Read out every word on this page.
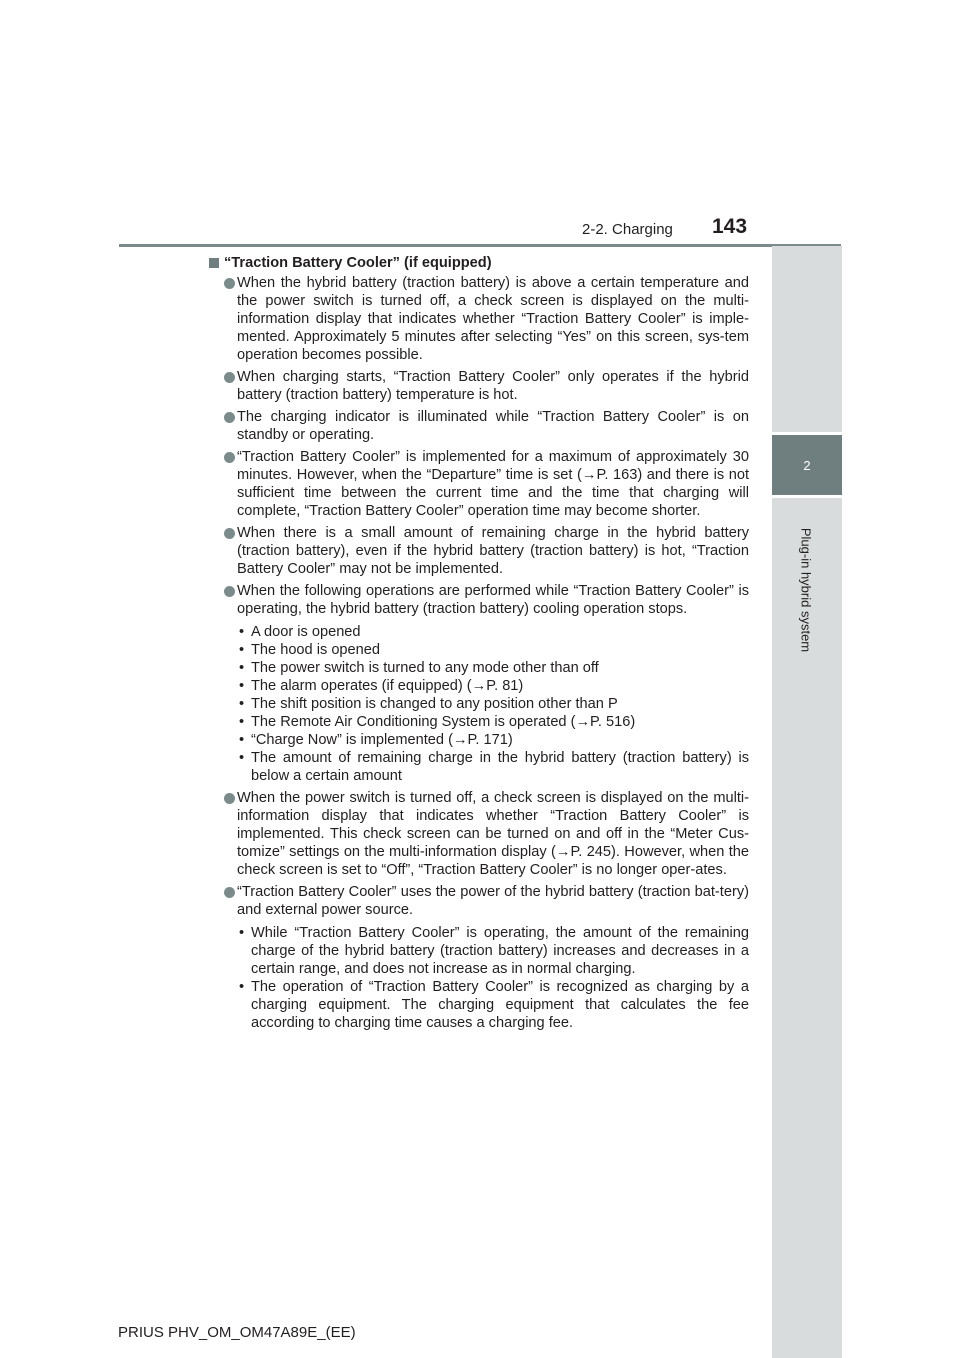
2-2. Charging 143
2
Plug-in hybrid system
“Traction Battery Cooler” (if equipped)
When the hybrid battery (traction battery) is above a certain temperature and the power switch is turned off, a check screen is displayed on the multi-information display that indicates whether “Traction Battery Cooler” is imple-mented. Approximately 5 minutes after selecting “Yes” on this screen, sys-tem operation becomes possible.
When charging starts, “Traction Battery Cooler” only operates if the hybrid battery (traction battery) temperature is hot.
The charging indicator is illuminated while “Traction Battery Cooler” is on standby or operating.
“Traction Battery Cooler” is implemented for a maximum of approximately 30 minutes. However, when the “Departure” time is set (→P. 163) and there is not sufficient time between the current time and the time that charging will complete, “Traction Battery Cooler” operation time may become shorter.
When there is a small amount of remaining charge in the hybrid battery (traction battery), even if the hybrid battery (traction battery) is hot, “Traction Battery Cooler” may not be implemented.
When the following operations are performed while “Traction Battery Cooler” is operating, the hybrid battery (traction battery) cooling operation stops.
• A door is opened
• The hood is opened
• The power switch is turned to any mode other than off
• The alarm operates (if equipped) (→P. 81)
• The shift position is changed to any position other than P
• The Remote Air Conditioning System is operated (→P. 516)
• “Charge Now” is implemented (→P. 171)
• The amount of remaining charge in the hybrid battery (traction battery) is below a certain amount
When the power switch is turned off, a check screen is displayed on the multi-information display that indicates whether “Traction Battery Cooler” is implemented. This check screen can be turned on and off in the “Meter Cus-tomize” settings on the multi-information display (→P. 245). However, when the check screen is set to “Off”, “Traction Battery Cooler” is no longer oper-ates.
“Traction Battery Cooler” uses the power of the hybrid battery (traction bat-tery) and external power source.
• While “Traction Battery Cooler” is operating, the amount of the remaining charge of the hybrid battery (traction battery) increases and decreases in a certain range, and does not increase as in normal charging.
• The operation of “Traction Battery Cooler” is recognized as charging by a charging equipment. The charging equipment that calculates the fee according to charging time causes a charging fee.
PRIUS PHV_OM_OM47A89E_(EE)
